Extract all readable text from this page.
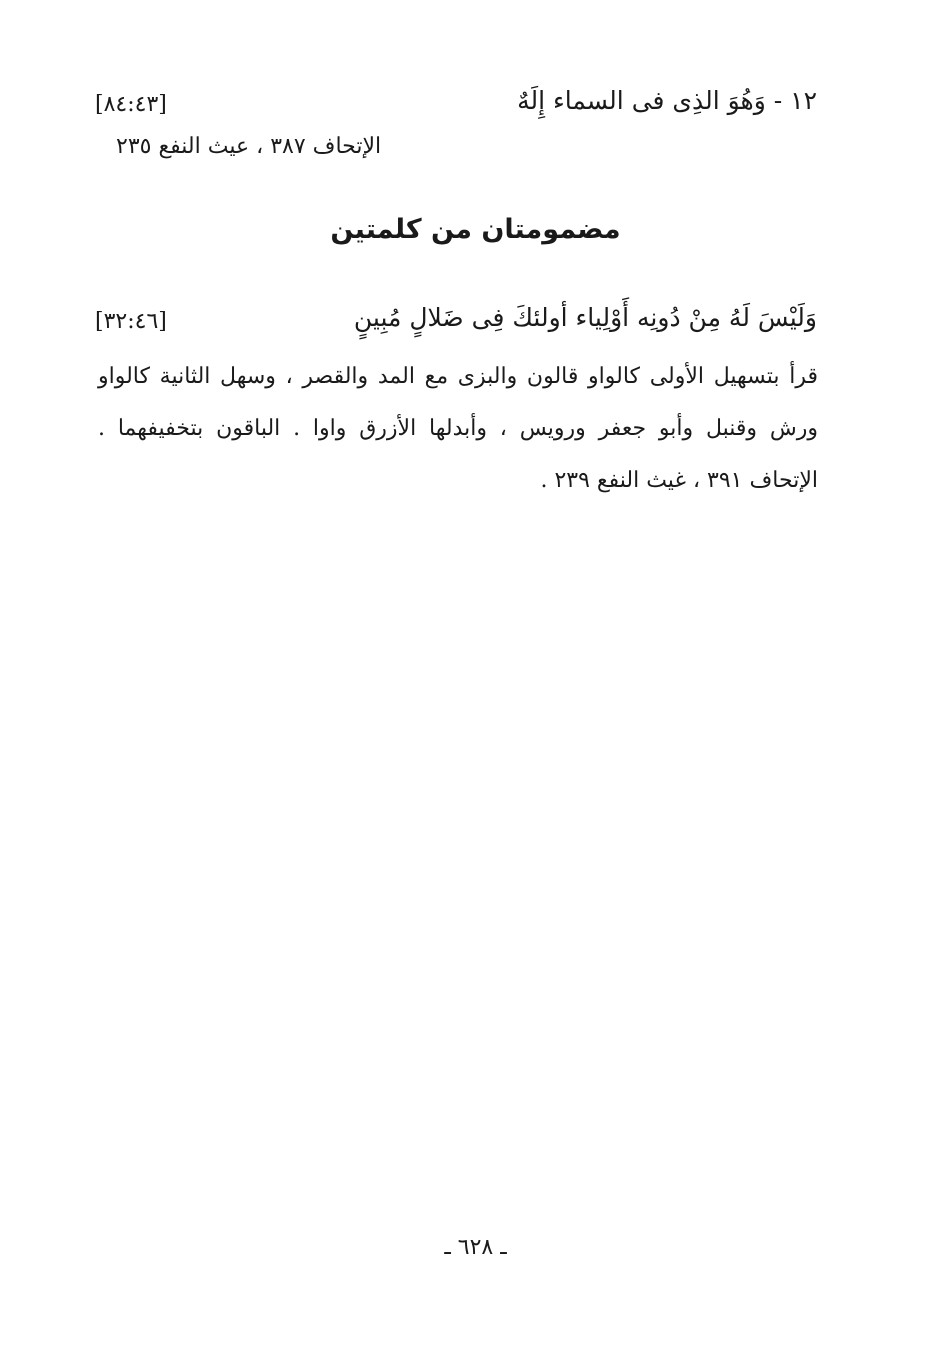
١٢ - وَهُوَ الذِى فى السماء إِلَهٌ
[٨٤:٤٣]
الإتحاف ٣٨٧ ، عيث النفع ٢٣٥
مضمومتان من كلمتين
وَلَيْسَ لَهُ مِنْ دُونِه أَوْلِياء أولئكَ فِى ضَلالٍ مُبِينٍ
[٣٢:٤٦]
قرأ بتسهيل الأولى كالواو قالون والبزى مع المد والقصر ، وسهل الثانية كالواو
ورش وقنبل وأبو جعفر ورويس ، وأبدلها الأزرق واوا . الباقون بتخفيفهما .
الإتحاف ٣٩١ ، غيث النفع ٢٣٩ .
ـ ٦٢٨ ـ
